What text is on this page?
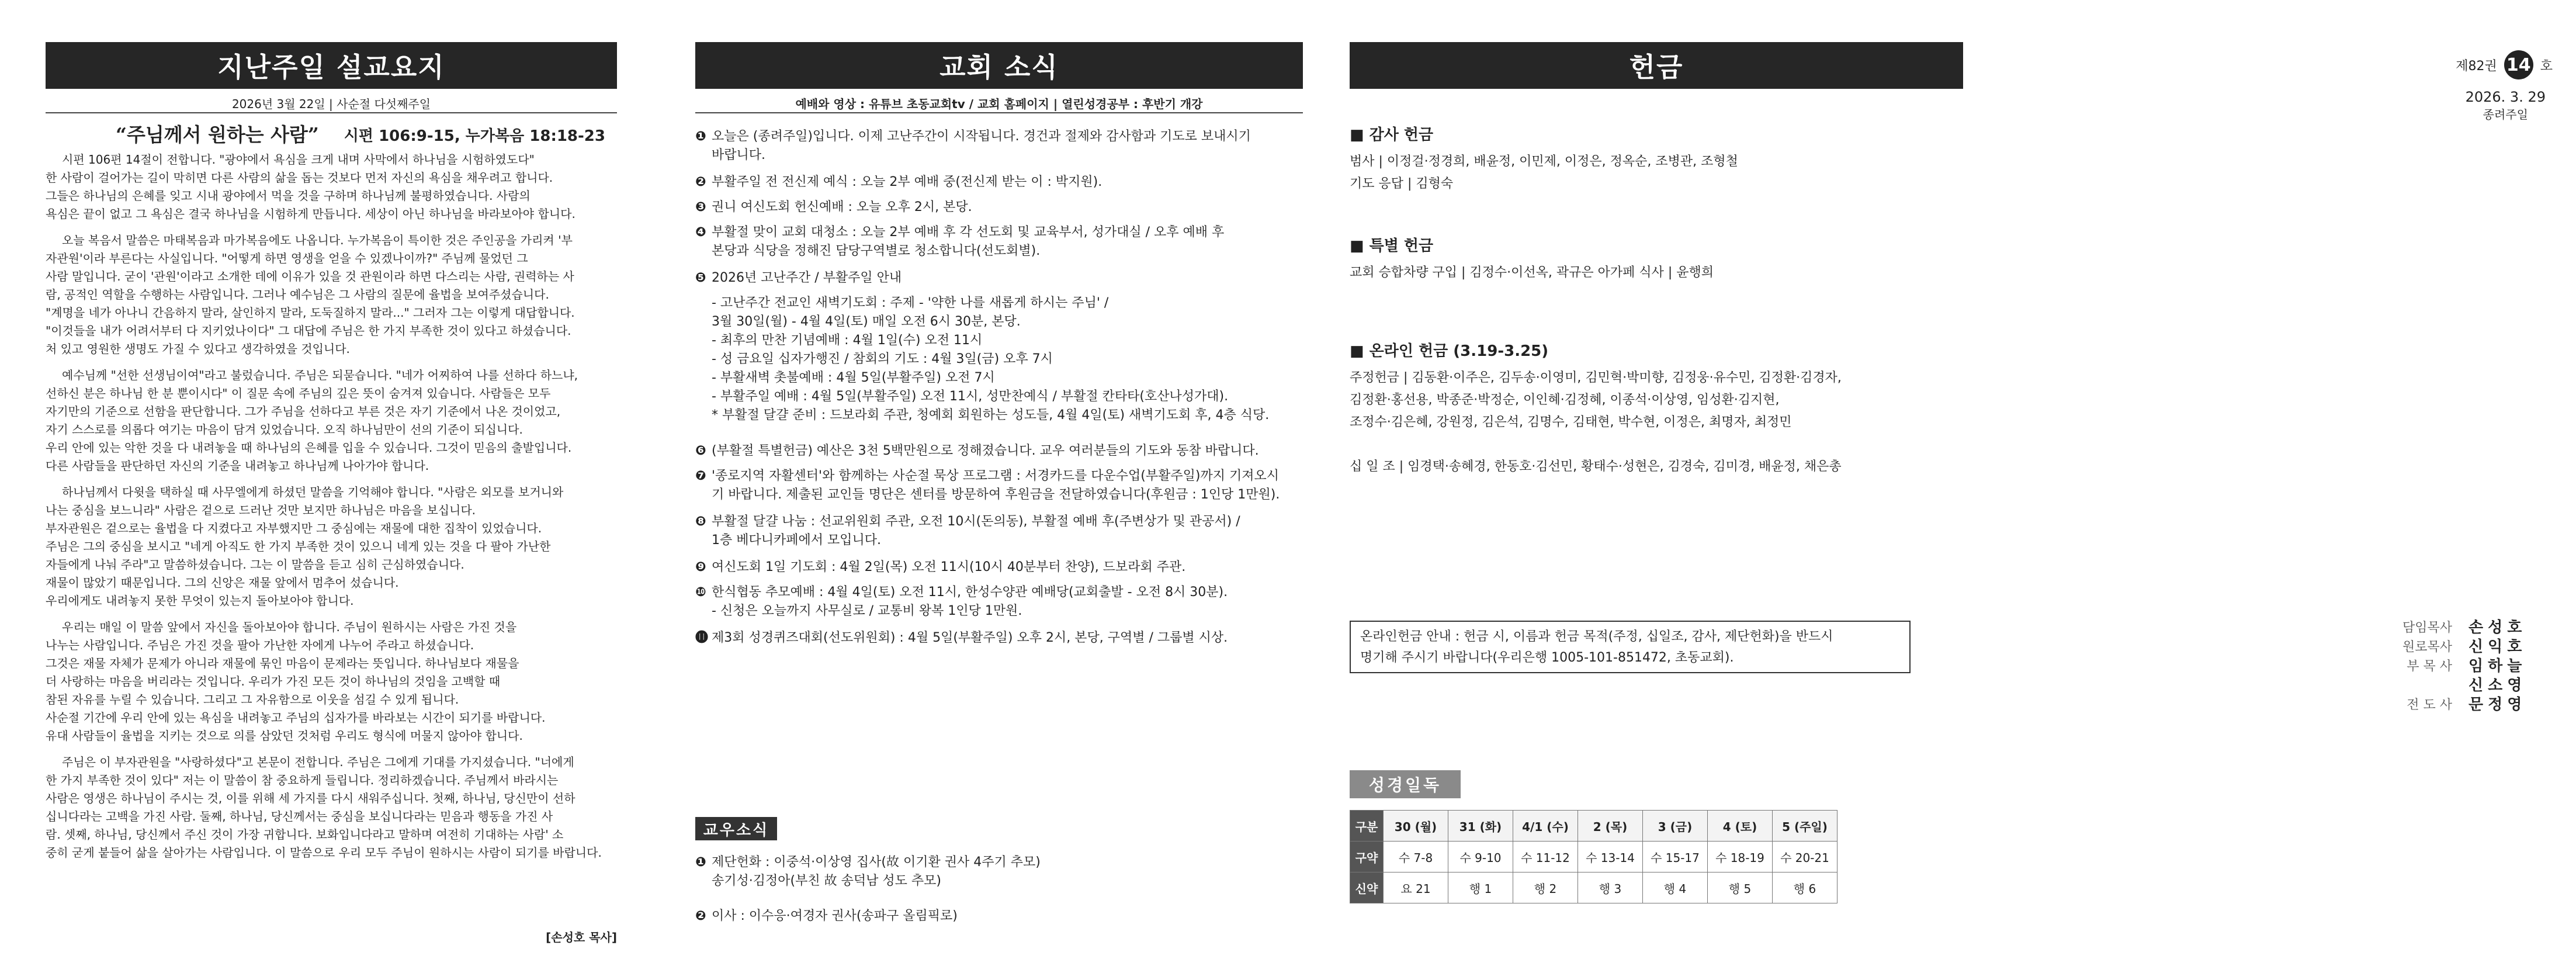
지난주일 설교요지
2026년 3월 22일 | 사순절 다섯째주일
“주님께서 원하는 사람” 시편 106:9-15, 누가복음 18:18-23
시편 106편 14절이 전합니다. "광야에서 욕심을 크게 내며 사막에서 하나님을 시험하였도다"
한 사람이 걸어가는 길이 막히면 다른 사람의 삶을 돕는 것보다 먼저 자신의 욕심을 채우려고 합니다.
그들은 하나님의 은혜를 잊고 시내 광야에서 먹을 것을 구하며 하나님께 불평하였습니다. 사람의
욕심은 끝이 없고 그 욕심은 결국 하나님을 시험하게 만듭니다. 세상이 아닌 하나님을 바라보아야 합니다.
오늘 복음서 말씀은 마태복음과 마가복음에도 나옵니다. 누가복음이 특이한 것은 주인공을 가리켜 '부
자관원'이라 부른다는 사실입니다. "어떻게 하면 영생을 얻을 수 있겠나이까?" 주님께 물었던 그
사람 말입니다. 굳이 '관원'이라고 소개한 데에 이유가 있을 것 관원이라 하면 다스리는 사람, 권력하는 사
람, 공적인 역할을 수행하는 사람입니다. 그러나 예수님은 그 사람의 질문에 율법을 보여주셨습니다.
"계명을 네가 아나니 간음하지 말라, 살인하지 말라, 도둑질하지 말라..." 그러자 그는 이렇게 대답합니다.
"이것들을 내가 어려서부터 다 지키었나이다" 그 대답에 주님은 한 가지 부족한 것이 있다고 하셨습니다.
처 있고 영원한 생명도 가질 수 있다고 생각하였을 것입니다.
예수님께 "선한 선생님이여"라고 불렀습니다. 주님은 되묻습니다. "네가 어찌하여 나를 선하다 하느냐,
선하신 분은 하나님 한 분 뿐이시다" 이 질문 속에 주님의 깊은 뜻이 숨겨져 있습니다. 사람들은 모두
자기만의 기준으로 선함을 판단합니다. 그가 주님을 선하다고 부른 것은 자기 기준에서 나온 것이었고,
자기 스스로를 의롭다 여기는 마음이 담겨 있었습니다. 오직 하나님만이 선의 기준이 되십니다.
우리 안에 있는 악한 것을 다 내려놓을 때 하나님의 은혜를 입을 수 있습니다. 그것이 믿음의 출발입니다.
다른 사람들을 판단하던 자신의 기준을 내려놓고 하나님께 나아가야 합니다.
하나님께서 다윗을 택하실 때 사무엘에게 하셨던 말씀을 기억해야 합니다. "사람은 외모를 보거니와
나는 중심을 보느니라" 사람은 겉으로 드러난 것만 보지만 하나님은 마음을 보십니다.
부자관원은 겉으로는 율법을 다 지켰다고 자부했지만 그 중심에는 재물에 대한 집착이 있었습니다.
주님은 그의 중심을 보시고 "네게 아직도 한 가지 부족한 것이 있으니 네게 있는 것을 다 팔아 가난한
자들에게 나눠 주라"고 말씀하셨습니다. 그는 이 말씀을 듣고 심히 근심하였습니다.
재물이 많았기 때문입니다. 그의 신앙은 재물 앞에서 멈추어 섰습니다.
우리에게도 내려놓지 못한 무엇이 있는지 돌아보아야 합니다.
우리는 매일 이 말씀 앞에서 자신을 돌아보아야 합니다. 주님이 원하시는 사람은 가진 것을
나누는 사람입니다. 주님은 가진 것을 팔아 가난한 자에게 나누어 주라고 하셨습니다.
그것은 재물 자체가 문제가 아니라 재물에 묶인 마음이 문제라는 뜻입니다. 하나님보다 재물을
더 사랑하는 마음을 버리라는 것입니다. 우리가 가진 모든 것이 하나님의 것임을 고백할 때
참된 자유를 누릴 수 있습니다. 그리고 그 자유함으로 이웃을 섬길 수 있게 됩니다.
사순절 기간에 우리 안에 있는 욕심을 내려놓고 주님의 십자가를 바라보는 시간이 되기를 바랍니다.
유대 사람들이 율법을 지키는 것으로 의를 삼았던 것처럼 우리도 형식에 머물지 않아야 합니다.
주님은 이 부자관원을 "사랑하셨다"고 본문이 전합니다. 주님은 그에게 기대를 가지셨습니다. "너에게
한 가지 부족한 것이 있다" 저는 이 말씀이 참 중요하게 들립니다. 정리하겠습니다. 주님께서 바라시는
사람은 영생은 하나님이 주시는 것, 이를 위해 세 가지를 다시 새워주십니다. 첫째, 하나님, 당신만이 선하
십니다라는 고백을 가진 사람. 둘째, 하나님, 당신께서는 중심을 보십니다라는 믿음과 행동을 가진 사
람. 셋째, 하나님, 당신께서 주신 것이 가장 귀합니다. 보화입니다라고 말하며 여전히 기대하는 사람' 소
중히 굳게 붙들어 삶을 살아가는 사람입니다. 이 말씀으로 우리 모두 주님이 원하시는 사람이 되기를 바랍니다.
[손성호 목사]
교회 소식
예배와 영상 : 유튜브 초동교회tv / 교회 홈페이지 | 열린성경공부 : 후반기 개강
❶ 오늘은 (종려주일)입니다. 이제 고난주간이 시작됩니다. 경건과 절제와 감사함과 기도로 보내시기
바랍니다.
❷ 부활주일 전 전신제 예식 : 오늘 2부 예배 중(전신제 받는 이 : 박지원).
❸ 권니 여신도회 헌신예배 : 오늘 오후 2시, 본당.
❹ 부활절 맞이 교회 대청소 : 오늘 2부 예배 후 각 선도회 및 교육부서, 성가대실 / 오후 예배 후
본당과 식당을 정해진 담당구역별로 청소합니다(선도회별).
❺ 2026년 고난주간 / 부활주일 안내
- 고난주간 전교인 새벽기도회 : 주제 - '약한 나를 새롭게 하시는 주님' /
3월 30일(월) - 4월 4일(토) 매일 오전 6시 30분, 본당.
- 최후의 만찬 기념예배 : 4월 1일(수) 오전 11시
- 성 금요일 십자가행진 / 참회의 기도 : 4월 3일(금) 오후 7시
- 부활새벽 촛불예배 : 4월 5일(부활주일) 오전 7시
- 부활주일 예배 : 4월 5일(부활주일) 오전 11시, 성만찬예식 / 부활절 칸타타(호산나성가대).
* 부활절 달걀 준비 : 드보라회 주관, 청예회 회원하는 성도들, 4월 4일(토) 새벽기도회 후, 4층 식당.
❻ (부활절 특별헌금) 예산은 3천 5백만원으로 정해졌습니다. 교우 여러분들의 기도와 동참 바랍니다.
❼ '종로지역 자활센터'와 함께하는 사순절 묵상 프로그램 : 서경카드를 다운수업(부활주일)까지 기져오시
기 바랍니다. 제출된 교인들 명단은 센터를 방문하여 후원금을 전달하였습니다(후원금 : 1인당 1만원).
❽ 부활절 달걀 나눔 : 선교위원회 주관, 오전 10시(돈의동), 부활절 예배 후(주변상가 및 관공서) /
1층 베다니카페에서 모입니다.
❾ 여신도회 1일 기도회 : 4월 2일(목) 오전 11시(10시 40분부터 찬양), 드보라회 주관.
❿ 한식협동 추모예배 : 4월 4일(토) 오전 11시, 한성수양관 예배당(교회출발 - 오전 8시 30분).
- 신청은 오늘까지 사무실로 / 교통비 왕복 1인당 1만원.
⓫ 제3회 성경퀴즈대회(선도위원회) : 4월 5일(부활주일) 오후 2시, 본당, 구역별 / 그룹별 시상.
교우소식
❶ 제단헌화 : 이중석·이상영 집사(故 이기환 권사 4주기 추모)
송기성·김정아(부친 故 송덕남 성도 추모)
❷ 이사 : 이수응·여경자 권사(송파구 올림픽로)
헌금
■ 감사 헌금
범사 | 이정걸·정경희, 배윤정, 이민제, 이정은, 정옥순, 조병관, 조형철
기도 응답 | 김형숙
■ 특별 헌금
교회 승합차량 구입 | 김정수·이선옥, 곽규은 아가페 식사 | 윤행희
■ 온라인 헌금 (3.19-3.25)
주정헌금 | 김동환·이주은, 김두송·이영미, 김민혁·박미향, 김정웅·유수민, 김정환·김경자,
김정환·홍선용, 박종준·박정순, 이인혜·김정혜, 이종석·이상영, 임성환·김지현,
조정수·김은혜, 강원정, 김은석, 김명수, 김태현, 박수현, 이정은, 최명자, 최정민

십 일 조 | 임경택·송혜경, 한동호·김선민, 황태수·성현은, 김경숙, 김미경, 배윤정, 채은총
온라인헌금 안내 : 헌금 시, 이름과 헌금 목적(주정, 십일조, 감사, 제단헌화)을 반드시
명기해 주시기 바랍니다(우리은행 1005-101-851472, 초동교회).
성경일독
구분	30 (월)	31 (화)	4/1 (수)	2 (목)	3 (금)	4 (토)	5 (주일)
구약	수 7-8	수 9-10	수 11-12	수 13-14	수 15-17	수 18-19	수 20-21
신약	요 21	행 1	행 2	행 3	행 4	행 5	행 6
제82권 14 호
2026. 3. 29
종려주일
담임목사 손성호
원로목사 신익호
부 목 사 임하늘
신소영
전 도 사 문정영
